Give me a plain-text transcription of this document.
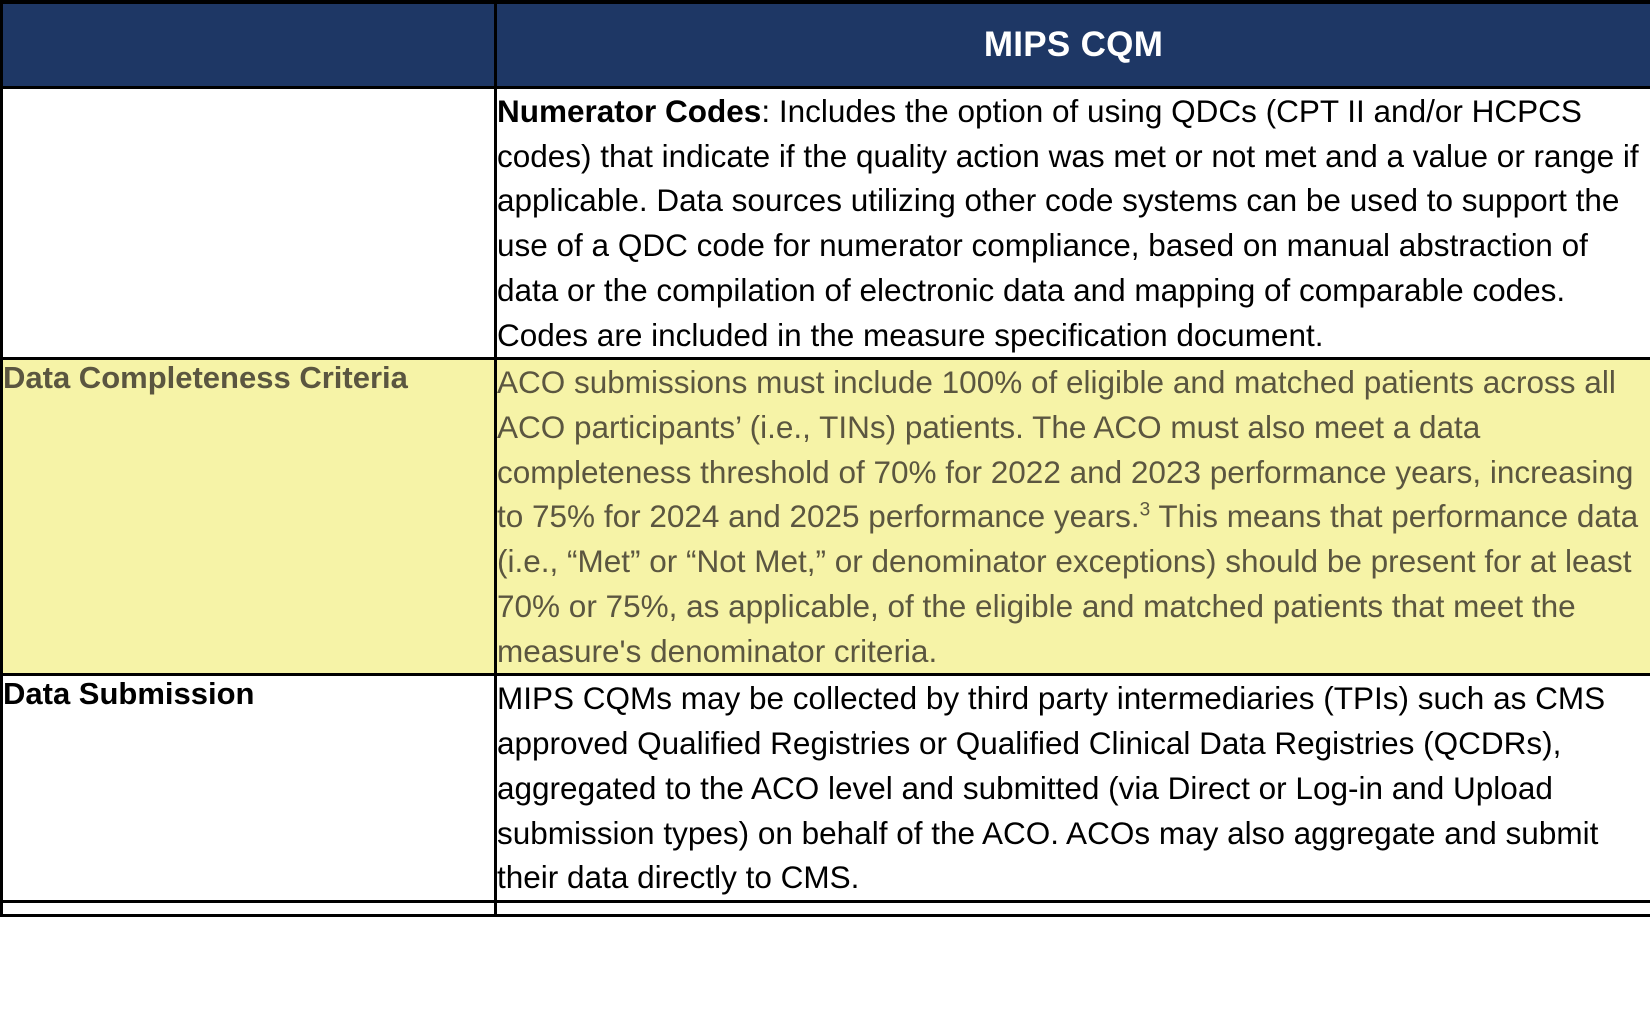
	MIPS CQM
	Numerator Codes: Includes the option of using QDCs (CPT II and/or HCPCS codes) that indicate if the quality action was met or not met and a value or range if applicable. Data sources utilizing other code systems can be used to support the use of a QDC code for numerator compliance, based on manual abstraction of data or the compilation of electronic data and mapping of comparable codes. Codes are included in the measure specification document.
Data Completeness Criteria	ACO submissions must include 100% of eligible and matched patients across all ACO participants’ (i.e., TINs) patients. The ACO must also meet a data completeness threshold of 70% for 2022 and 2023 performance years, increasing to 75% for 2024 and 2025 performance years.$^3$ This means that performance data (i.e., “Met” or “Not Met,” or denominator exceptions) should be present for at least 70% or 75%, as applicable, of the eligible and matched patients that meet the measure's denominator criteria.
Data Submission	MIPS CQMs may be collected by third party intermediaries (TPIs) such as CMS approved Qualified Registries or Qualified Clinical Data Registries (QCDRs), aggregated to the ACO level and submitted (via Direct or Log-in and Upload submission types) on behalf of the ACO. ACOs may also aggregate and submit their data directly to CMS.
